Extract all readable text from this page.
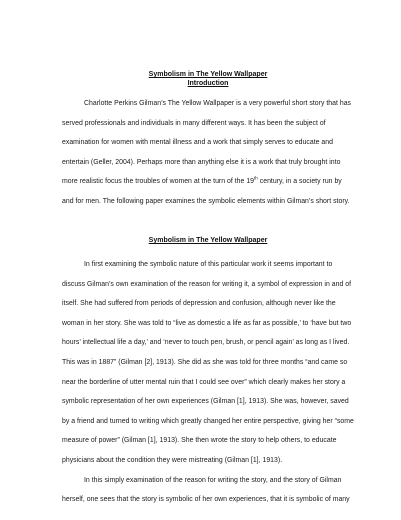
Symbolism in The Yellow Wallpaper
Introduction

Charlotte Perkins Gilman’s The Yellow Wallpaper is a very powerful short story that has served professionals and individuals in many different ways. It has been the subject of examination for women with mental illness and a work that simply serves to educate and entertain (Geller, 2004). Perhaps more than anything else it is a work that truly brought into more realistic focus the troubles of women at the turn of the 19th century, in a society run by and for men. The following paper examines the symbolic elements within Gilman’s short story.

Symbolism in The Yellow Wallpaper

In first examining the symbolic nature of this particular work it seems important to discuss Gilman’s own examination of the reason for writing it, a symbol of expression in and of itself. She had suffered from periods of depression and confusion, although never like the woman in her story. She was told to “live as domestic a life as far as possible,’ to ‘have but two hours’ intellectual life a day,’ and ‘never to touch pen, brush, or pencil again’ as long as I lived. This was in 1887” (Gilman [2], 1913). She did as she was told for three months “and came so near the borderline of utter mental ruin that I could see over” which clearly makes her story a symbolic representation of her own experiences (Gilman [1], 1913). She was, however, saved by a friend and turned to writing which greatly changed her entire perspective, giving her “some measure of power” (Gilman [1], 1913). She then wrote the story to help others, to educate physicians about the condition they were mistreating (Gilman [1], 1913).

In this simply examination of the reason for writing the story, and the story of Gilman herself, one sees that the story is symbolic of her own experiences, that it is symbolic of many
